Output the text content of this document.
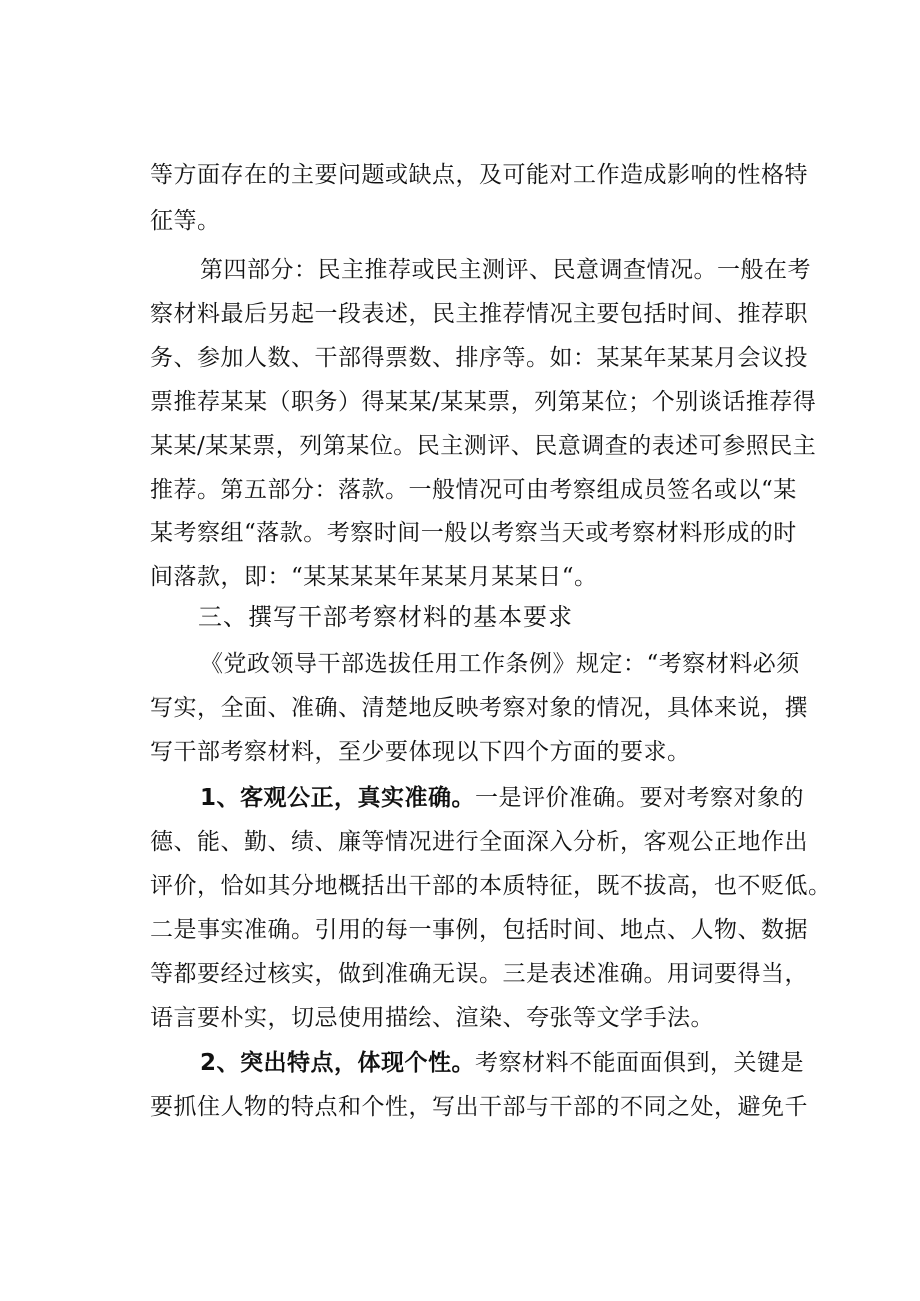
等方面存在的主要问题或缺点，及可能对工作造成影响的性格特
征等。
第四部分：民主推荐或民主测评、民意调查情况。一般在考
察材料最后另起一段表述，民主推荐情况主要包括时间、推荐职
务、参加人数、干部得票数、排序等。如：某某年某某月会议投
票推荐某某（职务）得某某/某某票，列第某位；个别谈话推荐得
某某/某某票，列第某位。民主测评、民意调查的表述可参照民主
推荐。第五部分：落款。一般情况可由考察组成员签名或以“某
某考察组“落款。考察时间一般以考察当天或考察材料形成的时
间落款，即：“某某某某年某某月某某日“。
三、撰写干部考察材料的基本要求
《党政领导干部选拔任用工作条例》规定：“考察材料必须
写实，全面、准确、清楚地反映考察对象的情况，具体来说，撰
写干部考察材料，至少要体现以下四个方面的要求。
1、客观公正，真实准确。一是评价准确。要对考察对象的
德、能、勤、绩、廉等情况进行全面深入分析，客观公正地作出
评价，恰如其分地概括出干部的本质特征，既不拔高，也不贬低。
二是事实准确。引用的每一事例，包括时间、地点、人物、数据
等都要经过核实，做到准确无误。三是表述准确。用词要得当，
语言要朴实，切忌使用描绘、渲染、夸张等文学手法。
2、突出特点，体现个性。考察材料不能面面俱到，关键是
要抓住人物的特点和个性，写出干部与干部的不同之处，避免千
